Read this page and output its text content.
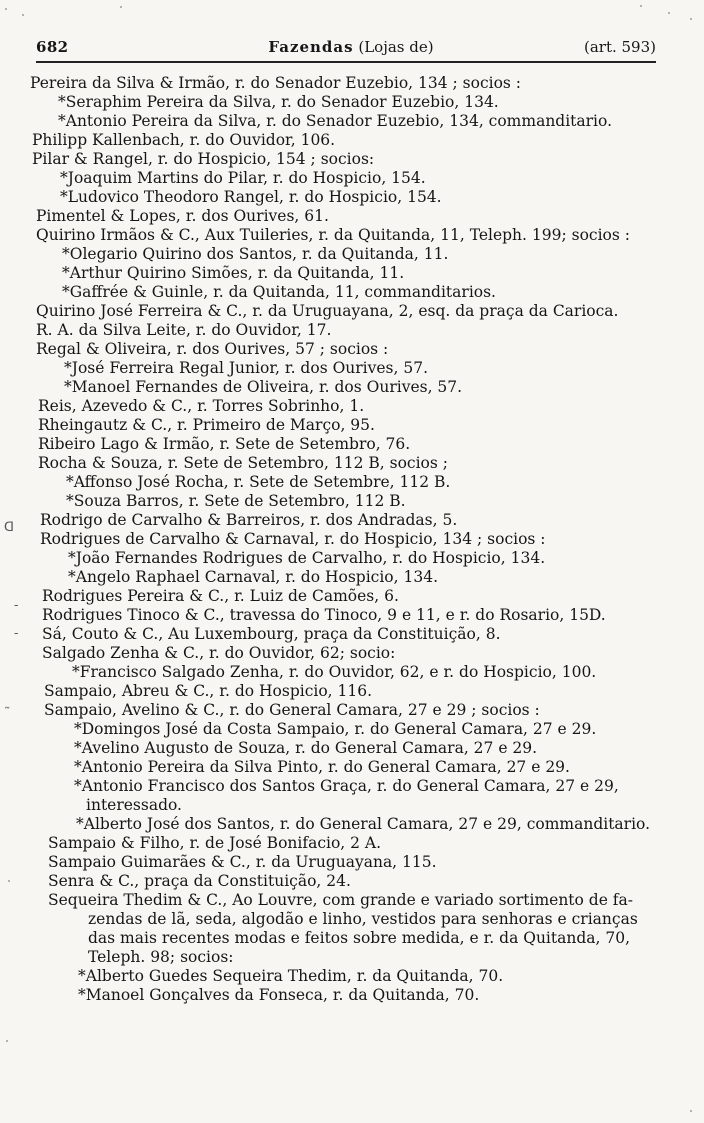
682	Fazendas (Lojas de)	(art. 593)
ᗡ
-
-
˷
Pereira da Silva & Irmão, r. do Senador Euzebio, 134 ; socios :
*Seraphim Pereira da Silva, r. do Senador Euzebio, 134.
*Antonio Pereira da Silva, r. do Senador Euzebio, 134, commanditario.
Philipp Kallenbach, r. do Ouvidor, 106.
Pilar & Rangel, r. do Hospicio, 154 ; socios:
*Joaquim Martins do Pilar, r. do Hospicio, 154.
*Ludovico Theodoro Rangel, r. do Hospicio, 154.
Pimentel & Lopes, r. dos Ourives, 61.
Quirino Irmãos & C., Aux Tuileries, r. da Quitanda, 11, Teleph. 199; socios :
*Olegario Quirino dos Santos, r. da Quitanda, 11.
*Arthur Quirino Simões, r. da Quitanda, 11.
*Gaffrée & Guinle, r. da Quitanda, 11, commanditarios.
Quirino José Ferreira & C., r. da Uruguayana, 2, esq. da praça da Carioca.
R. A. da Silva Leite, r. do Ouvidor, 17.
Regal & Oliveira, r. dos Ourives, 57 ; socios :
*José Ferreira Regal Junior, r. dos Ourives, 57.
*Manoel Fernandes de Oliveira, r. dos Ourives, 57.
Reis, Azevedo & C., r. Torres Sobrinho, 1.
Rheingautz & C., r. Primeiro de Março, 95.
Ribeiro Lago & Irmão, r. Sete de Setembro, 76.
Rocha & Souza, r. Sete de Setembro, 112 B, socios ;
*Affonso José Rocha, r. Sete de Setembre, 112 B.
*Souza Barros, r. Sete de Setembro, 112 B.
Rodrigo de Carvalho & Barreiros, r. dos Andradas, 5.
Rodrigues de Carvalho & Carnaval, r. do Hospicio, 134 ; socios :
*João Fernandes Rodrigues de Carvalho, r. do Hospicio, 134.
*Angelo Raphael Carnaval, r. do Hospicio, 134.
Rodrigues Pereira & C., r. Luiz de Camões, 6.
Rodrigues Tinoco & C., travessa do Tinoco, 9 e 11, e r. do Rosario, 15D.
Sá, Couto & C., Au Luxembourg, praça da Constituição, 8.
Salgado Zenha & C., r. do Ouvidor, 62; socio:
*Francisco Salgado Zenha, r. do Ouvidor, 62, e r. do Hospicio, 100.
Sampaio, Abreu & C., r. do Hospicio, 116.
Sampaio, Avelino & C., r. do General Camara, 27 e 29 ; socios :
*Domingos José da Costa Sampaio, r. do General Camara, 27 e 29.
*Avelino Augusto de Souza, r. do General Camara, 27 e 29.
*Antonio Pereira da Silva Pinto, r. do General Camara, 27 e 29.
*Antonio Francisco dos Santos Graça, r. do General Camara, 27 e 29,
interessado.
*Alberto José dos Santos, r. do General Camara, 27 e 29, commanditario.
Sampaio & Filho, r. de José Bonifacio, 2 A.
Sampaio Guimarães & C., r. da Uruguayana, 115.
Senra & C., praça da Constituição, 24.
Sequeira Thedim & C., Ao Louvre, com grande e variado sortimento de fa-
zendas de lã, seda, algodão e linho, vestidos para senhoras e crianças
das mais recentes modas e feitos sobre medida, e r. da Quitanda, 70,
Teleph. 98; socios:
*Alberto Guedes Sequeira Thedim, r. da Quitanda, 70.
*Manoel Gonçalves da Fonseca, r. da Quitanda, 70.
